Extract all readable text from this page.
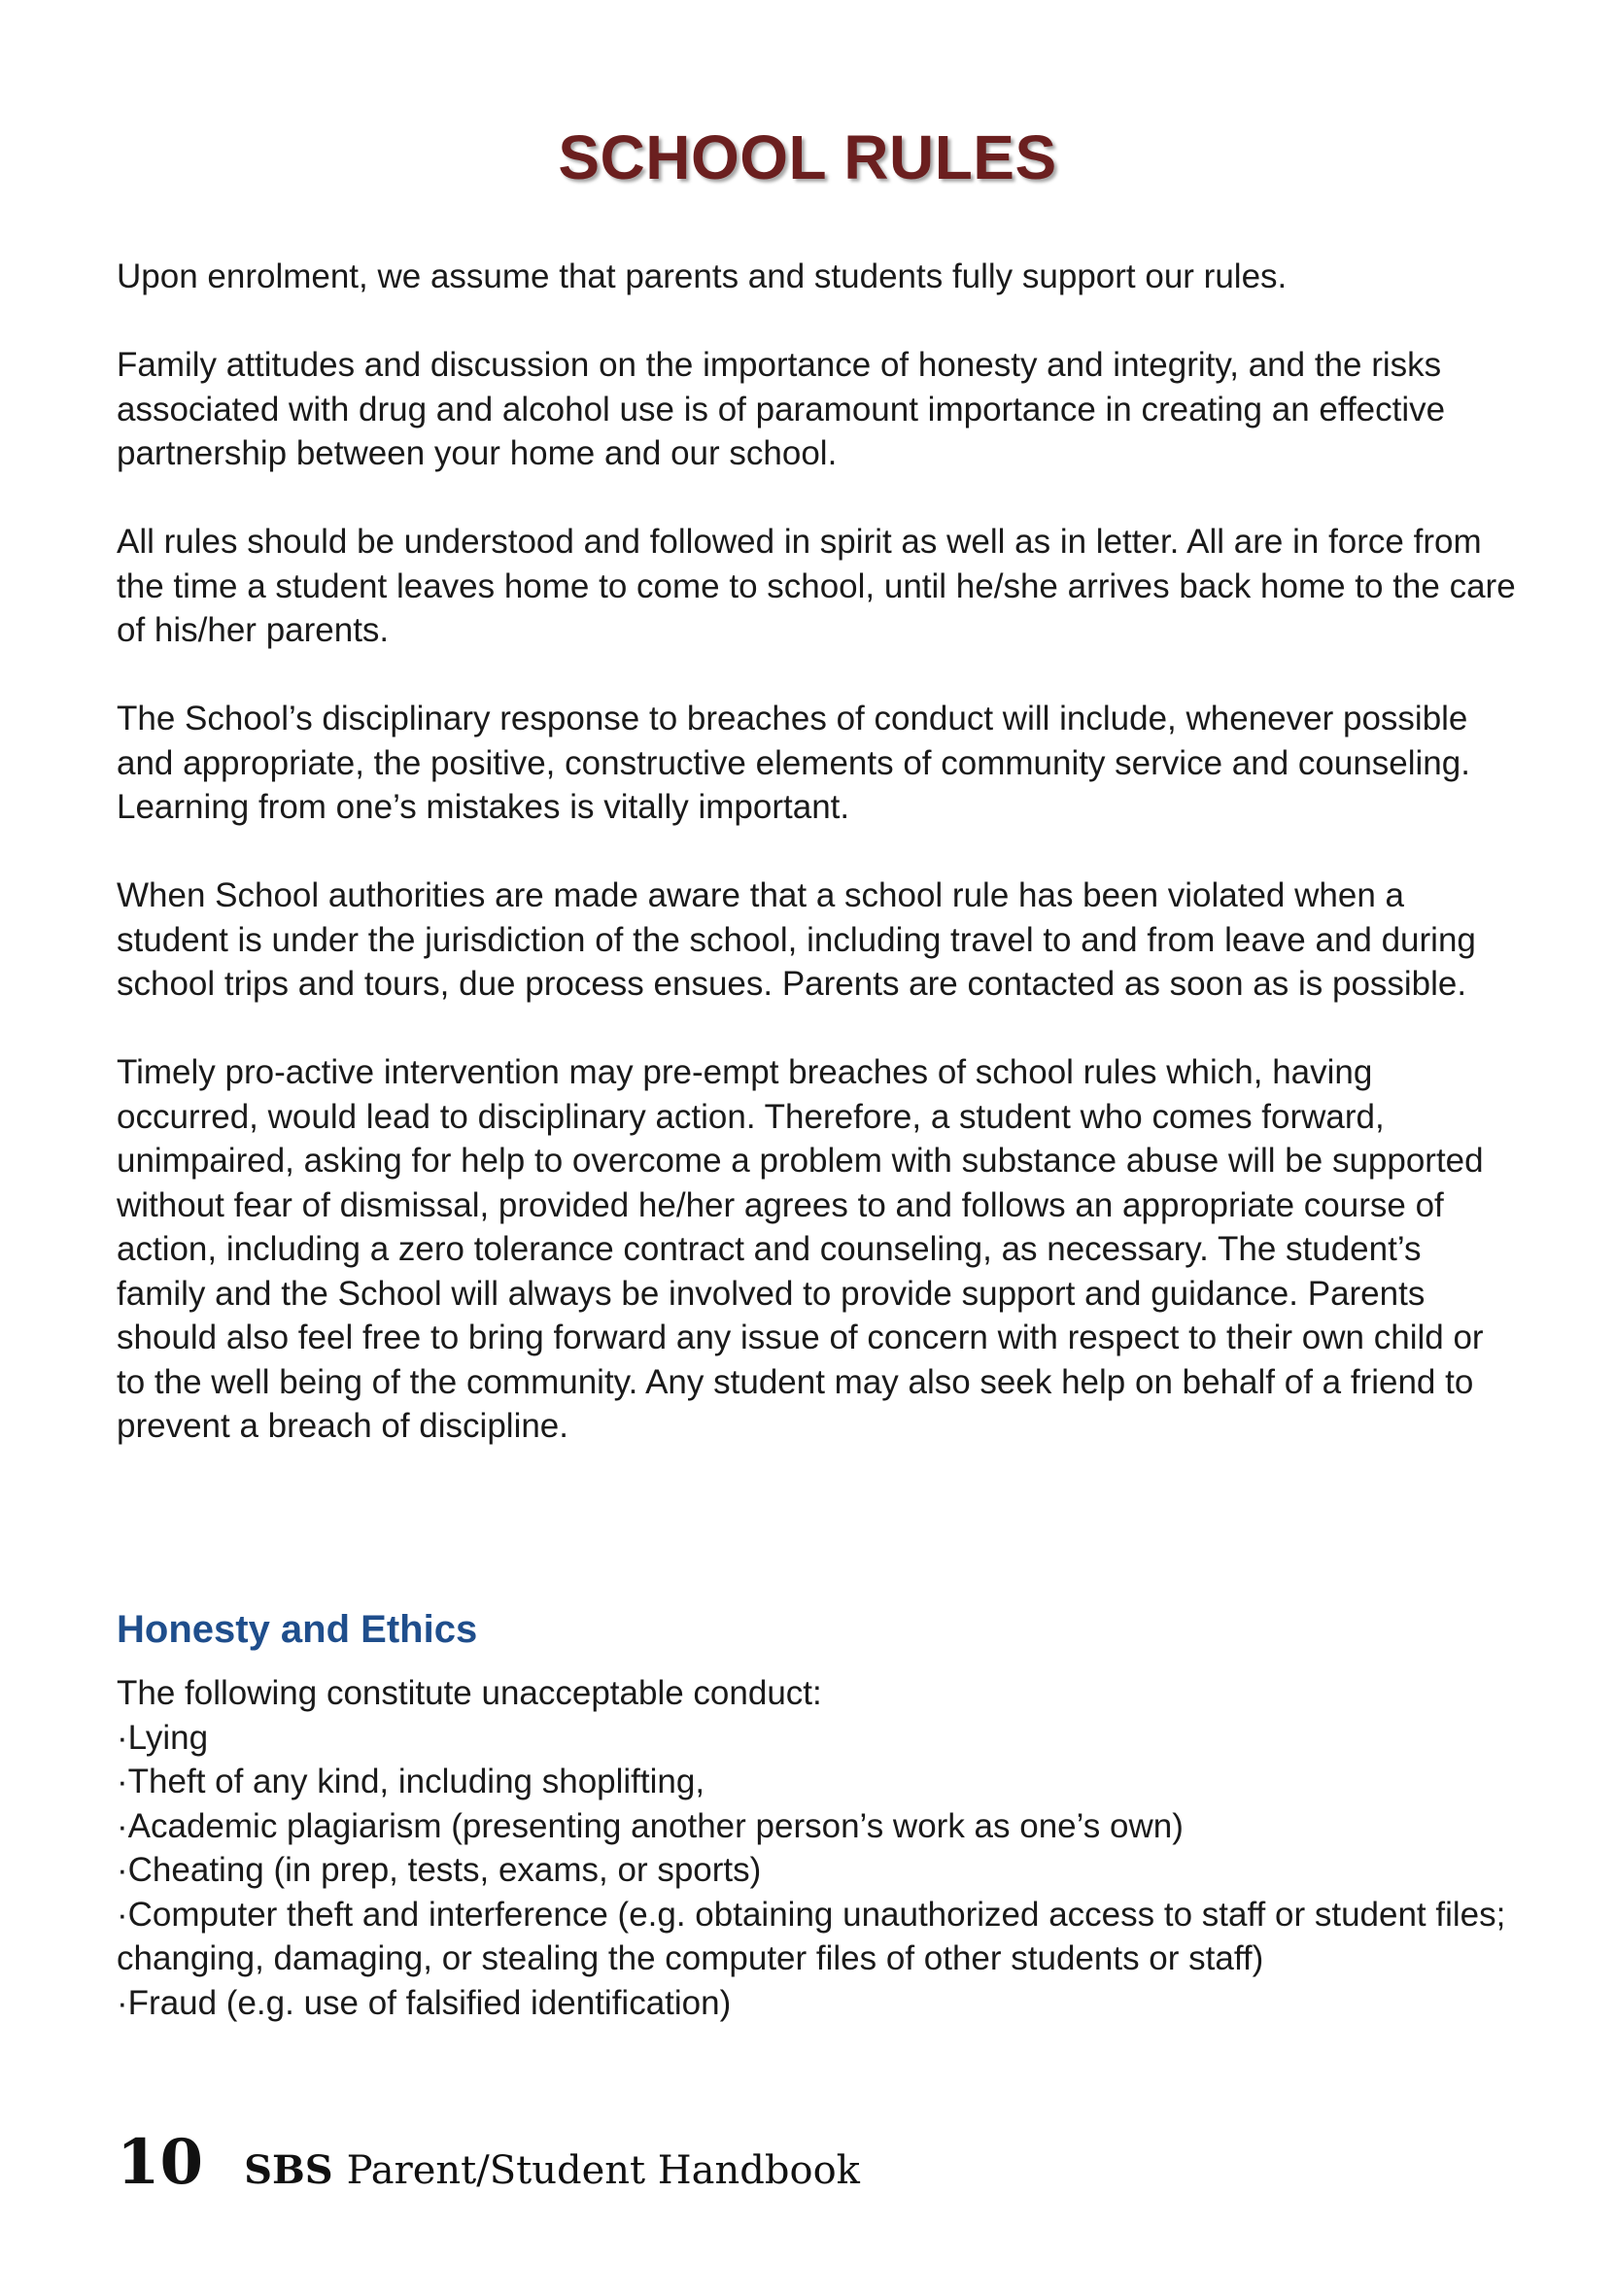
SCHOOL RULES

Upon enrolment, we assume that parents and students fully support our rules.

Family attitudes and discussion on the importance of honesty and integrity, and the risks associated with drug and alcohol use is of paramount importance in creating an effective partnership between your home and our school.

All rules should be understood and followed in spirit as well as in letter. All are in force from the time a student leaves home to come to school, until he/she arrives back home to the care of his/her parents.

The School’s disciplinary response to breaches of conduct will include, whenever possible and appropriate, the positive, constructive elements of community service and counseling. Learning from one’s mistakes is vitally important.

When School authorities are made aware that a school rule has been violated when a student is under the jurisdiction of the school, including travel to and from leave and during school trips and tours, due process ensues. Parents are contacted as soon as is possible.

Timely pro-active intervention may pre-empt breaches of school rules which, having occurred, would lead to disciplinary action. Therefore, a student who comes forward, unimpaired, asking for help to overcome a problem with substance abuse will be supported without fear of dismissal, provided he/her agrees to and follows an appropriate course of action, including a zero tolerance contract and counseling, as necessary. The student’s family and the School will always be involved to provide support and guidance. Parents should also feel free to bring forward any issue of concern with respect to their own child or to the well being of the community. Any student may also seek help on behalf of a friend to prevent a breach of discipline.

Honesty and Ethics
The following constitute unacceptable conduct:
·Lying
·Theft of any kind, including shoplifting,
·Academic plagiarism (presenting another person’s work as one’s own)
·Cheating (in prep, tests, exams, or sports)
·Computer theft and interference (e.g. obtaining unauthorized access to staff or student files; changing, damaging, or stealing the computer files of other students or staff)
·Fraud (e.g. use of falsified identification)
10 SBS Parent/Student Handbook
